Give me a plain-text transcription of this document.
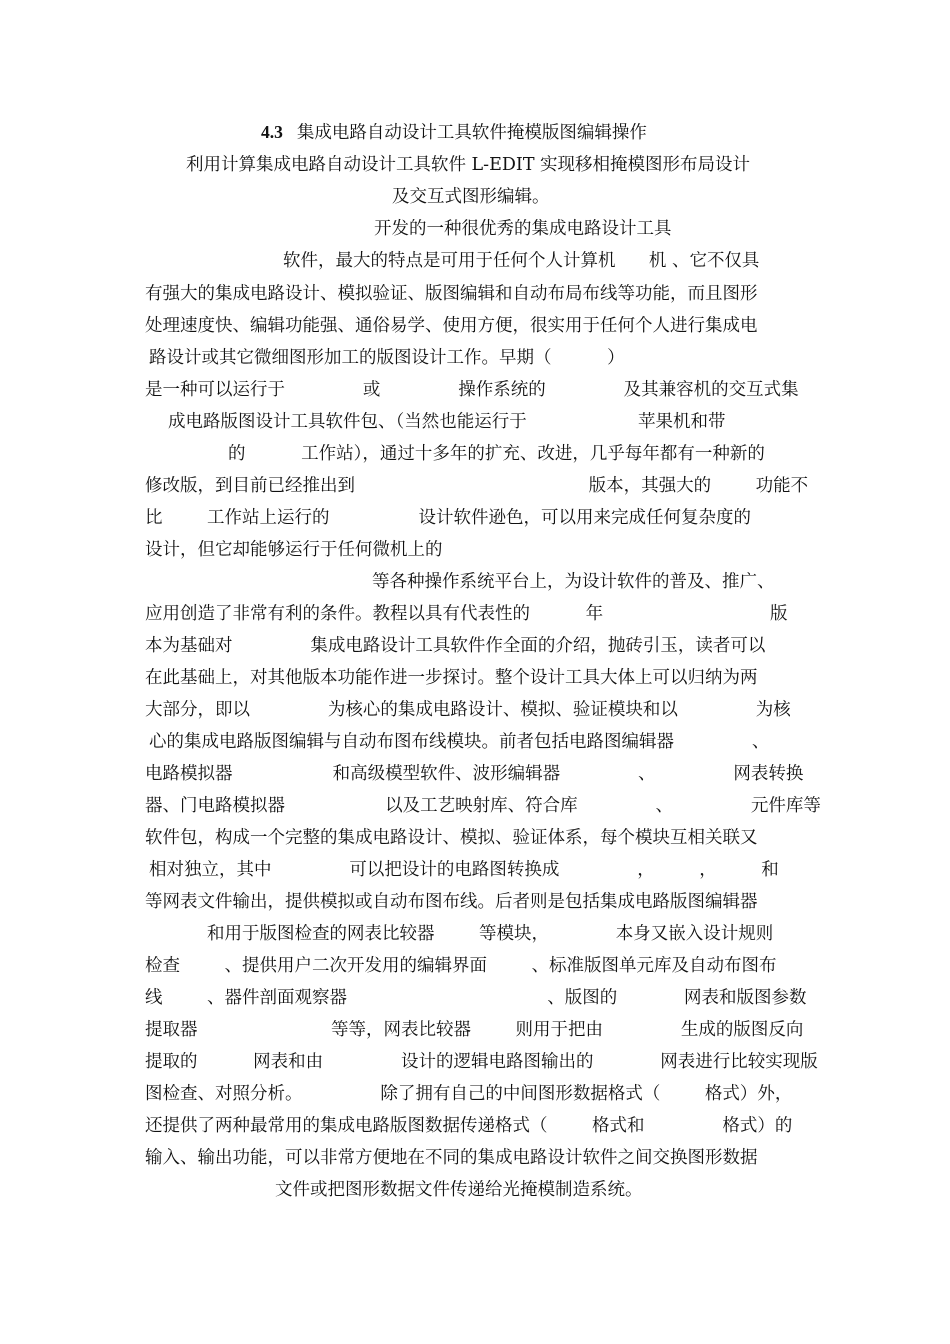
4.3 集成电路自动设计工具软件掩模版图编辑操作

利用计算集成电路自动设计工具软件 L-EDIT 实现移相掩模图形布局设计

及交互式图形编辑。

开发的一种很优秀的集成电路设计工具

软件，最大的特点是可用于任何个人计算机      机 、它不仅具

有强大的集成电路设计、模拟验证、版图编辑和自动布局布线等功能，而且图形

处理速度快、编辑功能强、通俗易学、使用方便，很实用于任何个人进行集成电

路设计或其它微细图形加工的版图设计工作。早期（          ）

是一种可以运行于              或              操作系统的              及其兼容机的交互式集

成电路版图设计工具软件包、（当然也能运行于                    苹果机和带

的          工作站），通过十多年的扩充、改进，几乎每年都有一种新的

修改版，到目前已经推出到                                          版本，其强大的        功能不

比        工作站上运行的                设计软件逊色，可以用来完成任何复杂度的

设计，但它却能够运行于任何微机上的

等各种操作系统平台上，为设计软件的普及、推广、

应用创造了非常有利的条件。教程以具有代表性的          年                              版

本为基础对              集成电路设计工具软件作全面的介绍，抛砖引玉，读者可以

在此基础上，对其他版本功能作进一步探讨。整个设计工具大体上可以归纳为两

大部分，即以              为核心的集成电路设计、模拟、验证模块和以              为核

心的集成电路版图编辑与自动布图布线模块。前者包括电路图编辑器              、

电路模拟器                  和高级模型软件、波形编辑器              、              网表转换

器、门电路模拟器                  以及工艺映射库、符合库              、              元件库等

软件包，构成一个完整的集成电路设计、模拟、验证体系，每个模块互相关联又

相对独立，其中              可以把设计的电路图转换成              ，        ，        和

等网表文件输出，提供模拟或自动布图布线。后者则是包括集成电路版图编辑器

和用于版图检查的网表比较器        等模块，            本身又嵌入设计规则

检查        、提供用户二次开发用的编辑界面        、标准版图单元库及自动布图布

线        、器件剖面观察器                                    、版图的            网表和版图参数

提取器                        等等，网表比较器        则用于把由              生成的版图反向

提取的          网表和由              设计的逻辑电路图输出的            网表进行比较实现版

图检查、对照分析。              除了拥有自己的中间图形数据格式（        格式）外，

还提供了两种最常用的集成电路版图数据传递格式（        格式和              格式）的

输入、输出功能，可以非常方便地在不同的集成电路设计软件之间交换图形数据

文件或把图形数据文件传递给光掩模制造系统。
